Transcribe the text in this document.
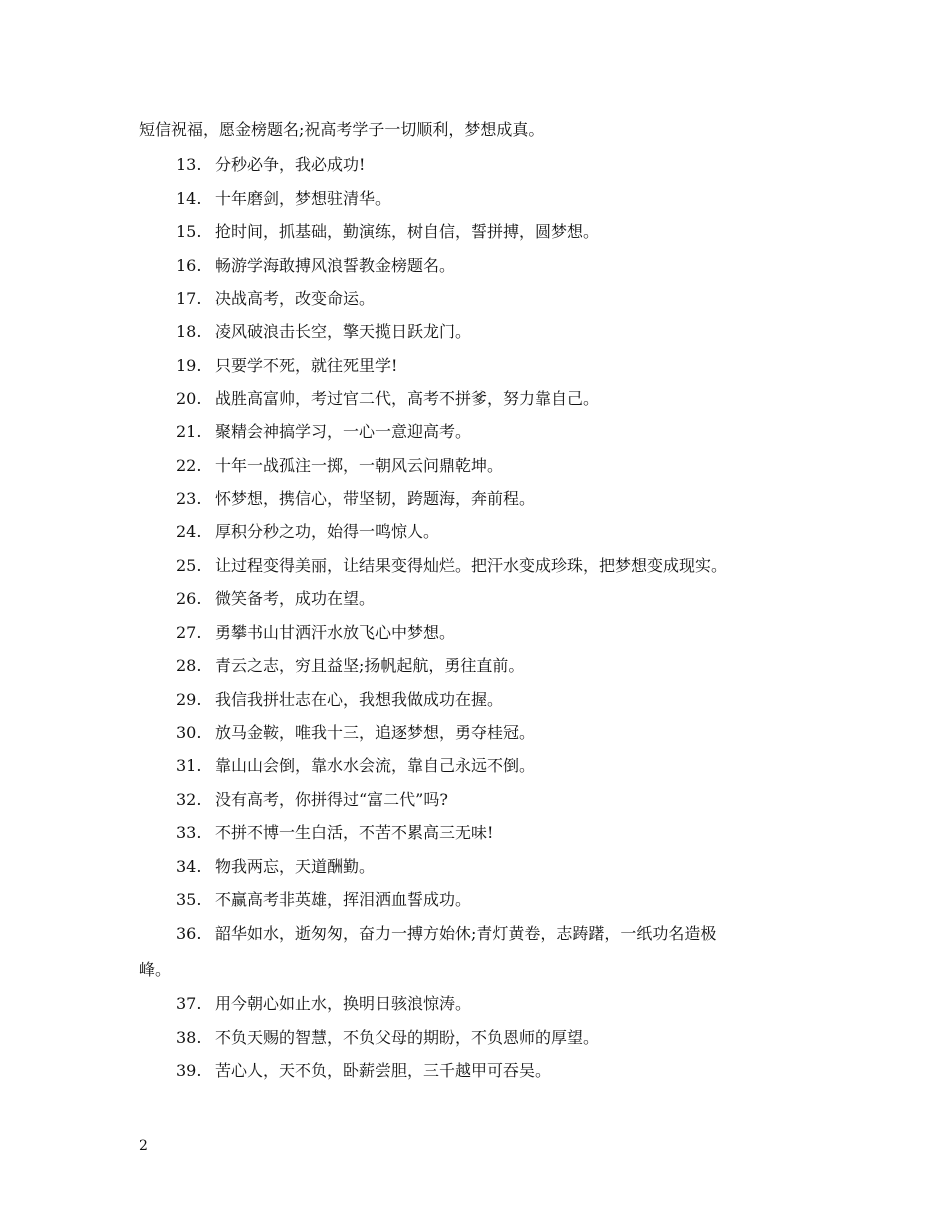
短信祝福，愿金榜题名;祝高考学子一切顺利，梦想成真。
13. 分秒必争，我必成功!
14. 十年磨剑，梦想驻清华。
15. 抢时间，抓基础，勤演练，树自信，誓拼搏，圆梦想。
16. 畅游学海敢搏风浪誓教金榜题名。
17. 决战高考，改变命运。
18. 凌风破浪击长空，擎天揽日跃龙门。
19. 只要学不死，就往死里学!
20. 战胜高富帅，考过官二代，高考不拼爹，努力靠自己。
21. 聚精会神搞学习，一心一意迎高考。
22. 十年一战孤注一掷，一朝风云问鼎乾坤。
23. 怀梦想，携信心，带坚韧，跨题海，奔前程。
24. 厚积分秒之功，始得一鸣惊人。
25. 让过程变得美丽，让结果变得灿烂。把汗水变成珍珠，把梦想变成现实。
26. 微笑备考，成功在望。
27. 勇攀书山甘洒汗水放飞心中梦想。
28. 青云之志，穷且益坚;扬帆起航，勇往直前。
29. 我信我拼壮志在心，我想我做成功在握。
30. 放马金鞍，唯我十三，追逐梦想，勇夺桂冠。
31. 靠山山会倒，靠水水会流，靠自己永远不倒。
32. 没有高考，你拼得过“富二代”吗?
33. 不拼不博一生白活，不苦不累高三无味!
34. 物我两忘，天道酬勤。
35. 不赢高考非英雄，挥泪洒血誓成功。
36. 韶华如水，逝匆匆，奋力一搏方始休;青灯黄卷，志踌躇，一纸功名造极
峰。
37. 用今朝心如止水，换明日骇浪惊涛。
38. 不负天赐的智慧，不负父母的期盼，不负恩师的厚望。
39. 苦心人，天不负，卧薪尝胆，三千越甲可吞吴。
2
